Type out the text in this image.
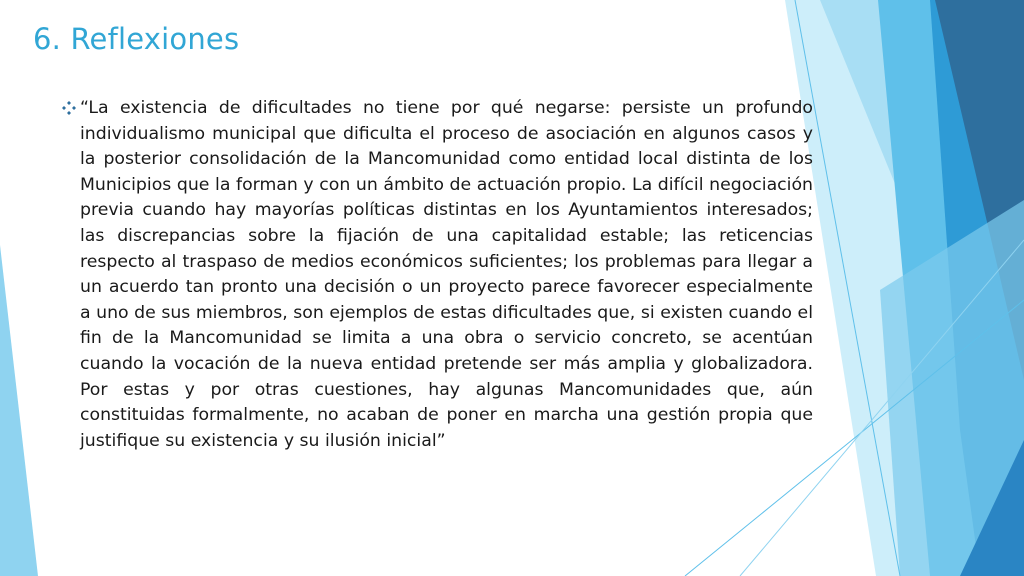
6. Reflexiones

“La existencia de dificultades no tiene por qué negarse: persiste un profundo individualismo municipal que dificulta el proceso de asociación en algunos casos y la posterior consolidación de la Mancomunidad como entidad local distinta de los Municipios que la forman y con un ámbito de actuación propio. La difícil negociación previa cuando hay mayorías políticas distintas en los Ayuntamientos interesados; las discrepancias sobre la fijación de una capitalidad estable; las reticencias respecto al traspaso de medios económicos suficientes; los problemas para llegar a un acuerdo tan pronto una decisión o un proyecto parece favorecer especialmente a uno de sus miembros, son ejemplos de estas dificultades que, si existen cuando el fin de la Mancomunidad se limita a una obra o servicio concreto, se acentúan cuando la vocación de la nueva entidad pretende ser más amplia y globalizadora. Por estas y por otras cuestiones, hay algunas Mancomunidades que, aún constituidas formalmente, no acaban de poner en marcha una gestión propia que justifique su existencia y su ilusión inicial”
